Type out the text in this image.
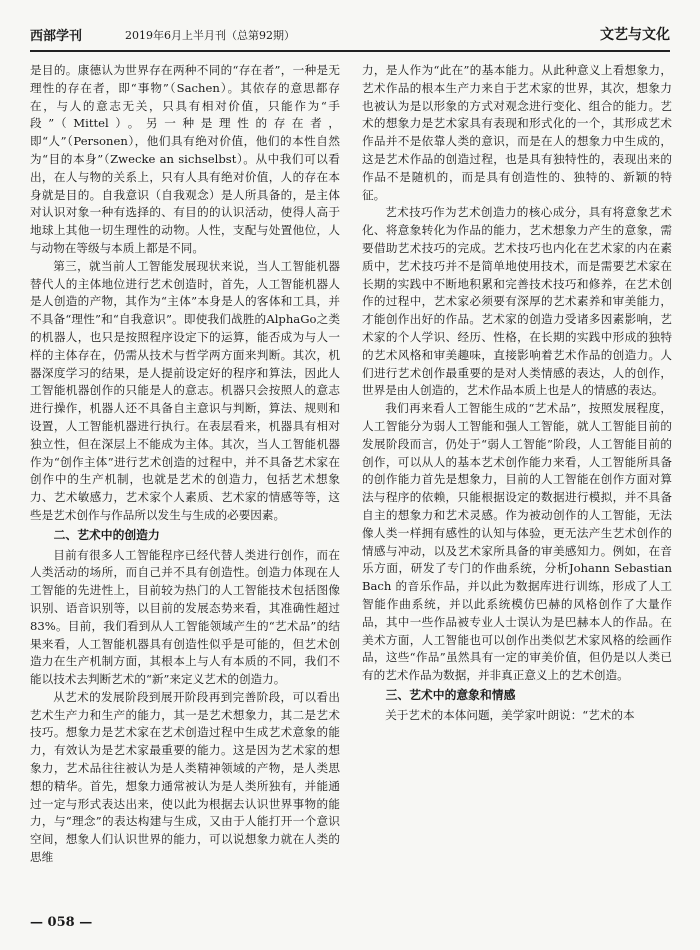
西部学刊	2019年6月上半月刊（总第92期）	文艺与文化

是目的。康德认为世界存在两种不同的“存在者”，一种是无理性的存在者，即“事物”（Sachen）。其依存的意思都存在，与人的意志无关，只具有相对价值，只能作为“手段”（Mittel）。另一种是理性的存在者，即“人”（Personen），他们具有绝对价值，他们的本性自然为“目的本身”（Zwecke an sichselbst）。从中我们可以看出，在人与物的关系上，只有人具有绝对价值，人的存在本身就是目的。自我意识（自我观念）是人所具备的，是主体对认识对象一种有选择的、有目的的认识活动，使得人高于地球上其他一切生理性的动物。人性，支配与处置他位，人与动物在等级与本质上都是不同。

第三，就当前人工智能发展现状来说，当人工智能机器替代人的主体地位进行艺术创造时，首先，人工智能机器人是人创造的产物，其作为“主体”本身是人的客体和工具，并不具备“理性”和“自我意识”。即使我们战胜的AlphaGo之类的机器人，也只是按照程序设定下的运算，能否成为与人一样的主体存在，仍需从技术与哲学两方面来判断。其次，机器深度学习的结果，是人提前设定好的程序和算法，因此人工智能机器创作的只能是人的意志。机器只会按照人的意志进行操作，机器人还不具备自主意识与判断，算法、规则和设置，人工智能机器进行执行。在表层看来，机器具有相对独立性，但在深层上不能成为主体。其次，当人工智能机器作为“创作主体”进行艺术创造的过程中，并不具备艺术家在创作中的生产机制，也就是艺术的创造力，包括艺术想象力、艺术敏感力，艺术家个人素质、艺术家的情感等等，这些是艺术创作与作品所以发生与生成的必要因素。

二、艺术中的创造力

目前有很多人工智能程序已经代替人类进行创作，而在人类活动的场所，而自己并不具有创造性。创造力体现在人工智能的先进性上，目前较为热门的人工智能技术包括图像识别、语音识别等，以目前的发展态势来看，其准确性超过83%。目前，我们看到从人工智能领域产生的“艺术品”的结果来看，人工智能机器具有创造性似乎是可能的，但艺术创造力在生产机制方面，其根本上与人有本质的不同，我们不能以技术去判断艺术的“新”来定义艺术的创造力。

从艺术的发展阶段到展开阶段再到完善阶段，可以看出艺术生产力和生产的能力，其一是艺术想象力，其二是艺术技巧。想象力是艺术家在艺术创造过程中生成艺术意象的能力，有效认为是艺术家最重要的能力。这是因为艺术家的想象力，艺术品往往被认为是人类精神领域的产物，是人类思想的精华。首先，想象力通常被认为是人类所独有，并能通过一定与形式表达出来，使以此为根据去认识世界事物的能力，与“理念”的表达构建与生成，又由于人能打开一个意识空间，想象人们认识世界的能力，可以说想象力就在人类的思维

力，是人作为“此在”的基本能力。从此种意义上看想象力，艺术作品的根本生产力来自于艺术家的世界，其次，想象力也被认为是以形象的方式对观念进行变化、组合的能力。艺术的想象力是艺术家具有表现和形式化的一个，其形成艺术作品并不是依靠人类的意识，而是在人的想象力中生成的，这是艺术作品的创造过程，也是具有独特性的，表现出来的作品不是随机的，而是具有创造性的、独特的、新颖的特征。

艺术技巧作为艺术创造力的核心成分，具有将意象艺术化、将意象转化为作品的能力，艺术想象力产生的意象，需要借助艺术技巧的完成。艺术技巧也内化在艺术家的内在素质中，艺术技巧并不是简单地使用技术，而是需要艺术家在长期的实践中不断地积累和完善技术技巧和修养，在艺术创作的过程中，艺术家必须要有深厚的艺术素养和审美能力，才能创作出好的作品。艺术家的创造力受诸多因素影响，艺术家的个人学识、经历、性格，在长期的实践中形成的独特的艺术风格和审美趣味，直接影响着艺术作品的创造力。人们进行艺术创作最重要的是对人类情感的表达，人的创作，世界是由人创造的，艺术作品本质上也是人的情感的表达。

我们再来看人工智能生成的“艺术品”，按照发展程度，人工智能分为弱人工智能和强人工智能，就人工智能目前的发展阶段而言，仍处于“弱人工智能”阶段，人工智能目前的创作，可以从人的基本艺术创作能力来看，人工智能所具备的创作能力首先是想象力，目前的人工智能在创作方面对算法与程序的依赖，只能根据设定的数据进行模拟，并不具备自主的想象力和艺术灵感。作为被动创作的人工智能，无法像人类一样拥有感性的认知与体验，更无法产生艺术创作的情感与冲动，以及艺术家所具备的审美感知力。例如，在音乐方面，研发了专门的作曲系统，分析Johann Sebastian Bach 的音乐作品，并以此为数据库进行训练，形成了人工智能作曲系统，并以此系统模仿巴赫的风格创作了大量作品，其中一些作品被专业人士误认为是巴赫本人的作品。在美术方面，人工智能也可以创作出类似艺术家风格的绘画作品，这些“作品”虽然具有一定的审美价值，但仍是以人类已有的艺术作品为数据，并非真正意义上的艺术创造。

三、艺术中的意象和情感

关于艺术的本体问题，美学家叶朗说：“艺术的本

— 058 —
